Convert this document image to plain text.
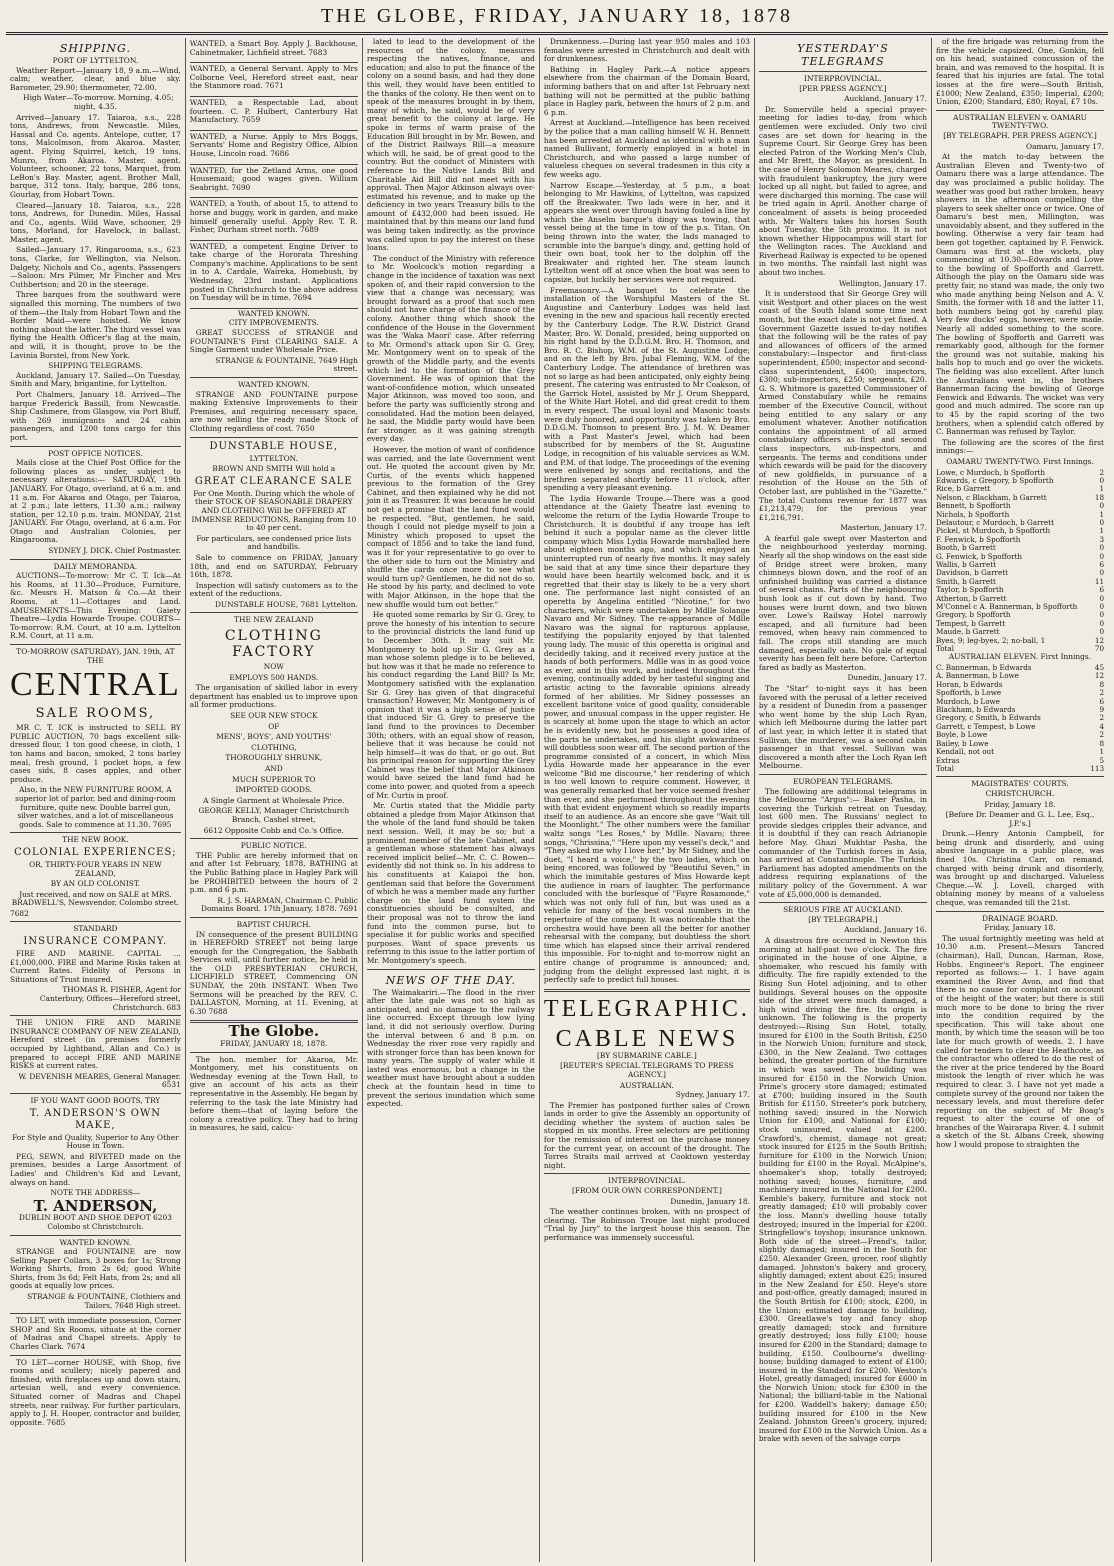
THE GLOBE, FRIDAY, JANUARY 18, 1878
SHIPPING.
PORT OF LYTTELTON.

Weather Report—January 18, 9 a.m.—Wind, calm; weather, clear, and blue sky. Barometer, 29.90; thermometer, 72.00.

High Water—To-morrow. Morning, 4.05; night, 4.35.

Arrived—January 17. Taiaroa, s.s., 228 tons, Andrews, from Newcastle. Miles, Hassal and Co. agents. Antelope, cutter, 17 tons, Malcolmson, from Akaroa. Master, agent. Flying Squirrel, ketch, 19 tons, Munro, from Akaroa. Master, agent. Volunteer, schooner, 22 tons, Marquet, from LeBon's Bay. Master, agent. Brother Mall, barque, 312 tons. Italy, barque, 286 tons, Gourlay, from Hobart Town.

Cleared—January 18. Taiaroa, s.s., 228 tons, Andrews, for Dunedin. Miles, Hassal and Co., agents. Wild Wave, schooner, 29 tons, Morland, for Havelock, in ballast. Master, agent.

Sailed—January 17. Ringarooma, s.s., 623 tons, Clarke, for Wellington, via Nelson. Dalgety, Nichols and Co., agents. Passengers—Saloon: Mrs Pilmer, Mr Fincher and Mrs Cuthbertson; and 20 in the steerage.

Three barques from the southward were signalled this morning. The numbers of two of them—the Italy from Hobart Town and the Border Maid—were hoisted. We know nothing about the latter. The third vessel was flying the Health Officer's flag at the main, and will, it is thought, prove to be the Lavinia Borstel, from New York.

SHIPPING TELEGRAMS.

Auckland, January 17. Sailed—On Tuesday, Smith and Mary, brigantine, for Lyttelton.

Port Chalmers, January 18. Arrived—The barque Frederick Bassill, from Newcastle. Ship Cashmere, from Glasgow, via Port Bluff, with 269 immigrants and 24 cabin passengers, and 1200 tons cargo for this port.

POST OFFICE NOTICES.

Mails close at the Chief Post Office for the following places as under, subject to necessary alterations:— SATURDAY, 19th JANUARY. For Otago, overland, at 6 a.m. and 11 a.m. For Akaroa and Otago, per Taiaroa, at 2 p.m.; late letters, 11.30 a.m.; railway station, per 12.10 p.m. train. MONDAY, 21st JANUARY. For Otago, overland, at 6 a.m. For Otago and Australian Colonies, per Ringarooma.

SYDNEY J. DICK. Chief Postmaster.

DAILY MEMORANDA.

AUCTIONS—To-morrow: Mr C. T. Ick—At his Rooms, at 11.30—Produce, Furniture, &c. Messrs H. Matson & Co.—At their Rooms, at 11—Cottages and Land. AMUSEMENTS—This Evening: Gaiety Theatre—Lydia Howarde Troupe. COURTS—To-morrow: R.M. Court, at 10 a.m. Lyttelton R.M. Court, at 11 a.m.

TO-MORROW (SATURDAY), JAN. 19th, AT THE

CENTRAL
SALE ROOMS,

MR C. T. ICK is instructed to SELL BY PUBLIC AUCTION, 70 bags excellent silk-dressed flour, 1 ton good cheese, in cloth, 1 ton hams and bacon, smoked, 2 tons barley meal, fresh ground, 1 pocket hops, a few cases sids, 8 cases apples, and other produce.

Also, in the NEW FURNITURE ROOM, A superior lot of parlor, bed and dining-room furniture, quite new. Double barrel gun, silver watches, and a lot of miscellaneous goods. Sale to commence at 11.30. 7695

THE NEW BOOK.
COLONIAL EXPERIENCES;

OR, THIRTY-FOUR YEARS IN NEW ZEALAND,

BY AN OLD COLONIST.

Just received, and now on SALE at MRS. BRADWELL'S, Newsvendor, Colombo street.

7682

STANDARD
INSURANCE COMPANY.

FIRE AND MARINE. CAPITAL ... £1,000,000. FIRE and Marine Risks taken at Current Rates. Fidelity of Persons in Situations of Trust insured.

THOMAS R. FISHER, Agent for Canterbury, Offices—Hereford street, Christchurch. 683

THE UNION FIRE AND MARINE INSURANCE COMPANY OF NEW ZEALAND, Hereford street (in premises formerly occupied by Lightband, Allan and Co.) is prepared to accept FIRE AND MARINE RISKS at current rates.

W. DEVENISH MEARES, General Manager. 6531

IF YOU WANT GOOD BOOTS, TRY

T. ANDERSON'S OWN MAKE,

For Style and Quality, Superior to Any Other House in Town.

PEG, SEWN, and RIVETED made on the premises, besides a Large Assortment of Ladies' and Children's Kid and Levant, always on hand.

NOTE THE ADDRESS—

T. ANDERSON,

DUBLIN BOOT AND SHOE DEPOT 6203 Colombo st Christchurch.

WANTED KNOWN.

STRANGE and FOUNTAINE are now Selling Paper Collars, 3 boxes for 1s; Strong Working Shirts, from 2s 6d; good White Shirts, from 3s 6d; Felt Hats, from 2s; and all goods at equally low prices.

STRANGE & FOUNTAINE, Clothiers and Tailors, 7648 High street.

TO LET, with immediate possession, Corner SHOP and Six Rooms, situate at the corner of Madras and Chapel streets. Apply to Charles Clark. 7674

TO LET—corner HOUSE, with Shop, five rooms and scullery; nicely papered and finished, with fireplaces up and down stairs, artesian well, and every convenience. Situated corner of Madras and Chapel streets, near railway. For further particulars, apply to J. H. Hooper, contractor and builder, opposite. 7685

WANTED, a Smart Boy. Apply J. Backhouse, Cabinetmaker, Lichfield street. 7683

WANTED, a General Servant. Apply to Mrs Colborne Veel, Hereford street east, near the Stanmore road. 7671

WANTED, a Respectable Lad, about fourteen. C. P. Hulbert, Canterbury Hat Manufactory. 7659

WANTED, a Nurse. Apply to Mrs Boggs, Servants' Home and Registry Office, Albion House, Lincoln road. 7686

WANTED, for the Zetland Arms, one good Housemaid; good wages given. William Seabright. 7690

WANTED, a Youth, of about 15, to attend to horse and buggy, work in garden, and make himself generally useful. Apply Rev. T. R. Fisher, Durham street north. 7689

WANTED, a competent Engine Driver to take charge of the Hororata Threshing Company's machine. Applications to be sent in to A. Cardale, Waireka, Homebush, by Wednesday, 23rd instant. Applications posted in Christchurch to the above address on Tuesday will be in time. 7694

WANTED KNOWN.
CITY IMPROVEMENTS.

GREAT SUCCESS of STRANGE and FOUNTAINE'S First CLEARING SALE. A Single Garment under Wholesale Price.

STRANGE & FOUNTAINE, 7649 High street.

WANTED KNOWN.

STRANGE AND FOUNTAINE purpose making Extensive Improvements to their Premises, and requiring necessary space, are now selling the ready made Stock of Clothing regardless of cost. 7650

DUNSTABLE HOUSE,

LYTTELTON.

BROWN AND SMITH Will hold a

GREAT CLEARANCE SALE

For One Month. During which the whole of their STOCK OF SEASONABLE DRAPERY AND CLOTHING Will be OFFERED AT IMMENSE REDUCTIONS, Ranging from 10 to 40 per cent.

For particulars, see condensed price lists and handbills.

Sale to commence on FRIDAY, January 18th, and end on SATURDAY, February 16th, 1878.

Inspection will satisfy customers as to the extent of the reductions.

DUNSTABLE HOUSE, 7681 Lyttelton.

THE NEW ZEALAND

CLOTHING FACTORY

NOW

EMPLOYS 500 HANDS.

The organisation of skilled labor in every department has enabled us to improve upon all former productions.

SEE OUR NEW STOCK

OF

MENS', BOYS', AND YOUTHS'

CLOTHING,

THOROUGHLY SHRUNK,

AND

MUCH SUPERIOR TO

IMPORTED GOODS.

A Single Garment at Wholesale Price.

GEORGE KELLY, Manager Christchurch Branch, Cashel street,

6612 Opposite Cobb and Co.'s Office.

PUBLIC NOTICE.

THE Public are hereby informed that on and after 1st February, 1878, BATHING at the Public Bathing place in Hagley Park will be PROHIBITED between the hours of 2 p.m. and 6 p.m.

R. J. S. HARMAN, Chairman C. Public Domains Board. 17th January, 1878. 7691

BAPTIST CHURCH.

IN consequence of the present BUILDING in HEREFORD STREET not being large enough for the Congregation, the Sabbath Services will, until further notice, be held in the OLD PRESBYTERIAN CHURCH, LICHFIELD STREET, Commencing ON SUNDAY, the 20th INSTANT. When Two Sermons will be preached by the REV. C. DALLASTON, Morning, at 11. Evening, at 6.30 7688

The Globe.

FRIDAY, JANUARY 18, 1878.

The hon. member for Akaroa, Mr. Montgomery, met his constituents on Wednesday evening at the Town Hall, to give an account of his acts as their representative in the Assembly. He began by referring to the task the late Ministry had before them—that of laying before the colony a creative policy. They had to bring in measures, he said, calcu-

lated to lead to the development of the resources of the colony, measures respecting the natives, finance, and education; and also to put the finance of the colony on a sound basis, and had they done this well, they would have been entitled to the thanks of the colony. He then went on to speak of the measures brought in by them, many of which, he said, would be of very great benefit to the colony at large. He spoke in terms of warm praise of the Education Bill brought in by Mr. Bowen, and of the District Railways Bill—a measure which will, he said, be of great good to the country. But the conduct of Ministers with reference to the Native Lands Bill and Charitable Aid Bill did not meet with his approval. Then Major Atkinson always over-estimated his revenue, and to make up the deficiency in two years Treasury bills to the amount of £432,000 had been issued. He maintained that by this means our land fund was being taken indirectly, as the province was called upon to pay the interest on these loans.

The conduct of the Ministry with reference to Mr. Woolcock's motion regarding a change in the incidence of taxation was next spoken of, and their rapid conversion to the view that a change was necessary, was brought forward as a proof that such men should not have charge of the finance of the colony. Another thing which shook the confidence of the House in the Government was the 'Waka Maori' case. After referring to Mr. Ormond's attack upon Sir G. Grey, Mr. Montgomery went on to speak of the growth of the Middle party, and the events which led to the formation of the Grey Government. He was of opinion that the want-of-confidence motion, which unseated Major Atkinson, was moved too soon, and before the party was sufficiently strong and consolidated. Had the motion been delayed, he said, the Middle party would have been far stronger, as it was gaining strength every day.

However, the motion of want of confidence was carried, and the late Government went out. He quoted the account given by Mr. Curtis, of the events which happened previous to the formation of the Grey Cabinet, and then explained why he did not join it as Treasurer. It was because he could not get a promise that the land fund would be respected. "But, gentlemen, he said, though I could not pledge myself to join a Ministry which proposed to upset the compact of 1856 and to take the land fund, was it for your representative to go over to the other side to turn out the Ministry and shuffle the cards once more to see what would turn up? Gentlemen, he did not do so. He stood by his party, and declined to vote with Major Atkinson, in the hope that the new shuffle would turn out better."

He quoted some remarks by Sir G. Grey, to prove the honesty of his intention to secure to the provincial districts the land fund up to December 30th. It may suit Mr. Montgomery to hold up Sir G. Grey as a man whose solemn pledge is to be believed, but how was it that he made no reference to his conduct regarding the Land Bill? Is Mr. Montgomery satisfied with the explanation Sir G. Grey has given of that disgraceful transaction? However, Mr. Montgomery is of opinion that it was a high sense of justice that induced Sir G. Grey to preserve the land fund to the provinces to December 30th; others, with an equal show of reason, believe that it was because he could not help himself—it was do that, or go out. But his principal reason for supporting the Grey Cabinet was the belief that Major Atkinson would have seized the land fund had he come into power, and quoted from a speech of Mr. Curtis in proof.

Mr. Curtis stated that the Middle party obtained a pledge from Major Atkinson that the whole of the land fund should be taken next session. Well, it may be so; but a prominent member of the late Cabinet, and a gentleman whose statement has always received implicit belief—Mr. C. C. Bowen—evidently did not think so. In his address to his constituents at Kaiapoi the hon. gentleman said that before the Government of which he was a member made any further charge on the land fund system the constituencies should be consulted, and their proposal was not to throw the land fund into the common purse, but to specialise it for public works and specified purposes. Want of space prevents us referring in this issue to the latter portion of Mr. Montgomery's speech.

NEWS OF THE DAY.

The Waimakariri.—The flood in the river after the late gale was not so high as anticipated, and no damage to the railway line occurred. Except through low lying land, it did not seriously overflow. During the interval between 6 and 8 p.m. on Wednesday the river rose very rapidly and with stronger force than has been known for many years. The supply of water while it lasted was enormous, but a change in the weather must have brought about a sudden check at the fountain head in time to prevent the serious inundation which some expected.

Drunkenness.—During last year 950 males and 103 females were arrested in Christchurch and dealt with for drunkenness.

Bathing in Hagley Park.—A notice appears elsewhere from the chairman of the Domain Board, informing bathers that on and after 1st February next bathing will not be permitted at the public bathing place in Hagley park, between the hours of 2 p.m. and 6 p.m.

Arrest at Auckland.—Intelligence has been received by the police that a man calling himself W. H. Bennett has been arrested at Auckland as identical with a man named Bullivant, formerly employed in a hotel in Christchurch, and who passed a large number of valueless cheques on several tradesmen in this city a few weeks ago.

Narrow Escape.—Yesterday, at 5 p.m., a boat belonging to Mr Hawkins, of Lyttelton, was capsized off the Breakwater. Two lads were in her, and it appears she went over through having fouled a line by which the Anselm barque's dingy was towing, that vessel being at the time in tow of the p.s. Titan. On being thrown into the water, the lads managed to scramble into the barque's dingy, and, getting hold of their own boat, took her to the dolphin off the Breakwater and righted her. The steam launch Lyttelton went off at once when the boat was seen to capsize, but luckily her services were not required.

Freemasonry.—A banquet to celebrate the installation of the Worshipful Masters of the St. Augustine and Canterbury Lodges was held last evening in the new and spacious hall recently erected by the Canterbury Lodge. The R.W. District Grand Master, Bro. W. Donald, presided, being supported on his right hand by the D.D.G.M. Bro. H. Thomson, and Bro. R. C. Bishop, W.M. of the St. Augustine Lodge; and on the left by Bro. Jubal Fleming, W.M. of the Canterbury Lodge. The attendance of brethren was not so large as had been anticipated, only eighty being present. The catering was entrusted to Mr Coakson, of the Garrick Hotel, assisted by Mr J. Orum Sheppard, of the White Hart Hotel, and did great credit to them in every respect. The usual loyal and Masonic toasts were duly honored, and opportunity was taken by Bro. D.D.G.M. Thomson to present Bro. J. M. W. Deamer with a Past Master's Jewel, which had been subscribed for by members of the St. Augustine Lodge, in recognition of his valuable services as W.M. and P.M. of that lodge. The proceedings of the evening were enlivened by songs and recitations, and the brethren separated shortly before 11 o'clock, after spending a very pleasant evening.

The Lydia Howarde Troupe.—There was a good attendance at the Gaiety Theatre last evening to welcome the return of the Lydia Howarde Troupe to Christchurch. It is doubtful if any troupe has left behind it such a popular name as the clever little company which Miss Lydia Howarde marshalled here about eighteen months ago, and which enjoyed an uninterrupted run of nearly five months. It may safely be said that at any time since their departure they would have been heartily welcomed back, and it is regretted that their stay is likely to be a very short one. The performance last night consisted of an operetta by Angelina entitled "Nicotine," for two characters, which were undertaken by Mdlle Solange Navaro and Mr Sidney. The re-appearance of Mdlle Navaro was the signal for rapturous applause, testifying the popularity enjoyed by that talented young lady. The music of this operetta is original and decidedly taking, and it received every justice at the hands of both performers. Mdlle was in as good voice as ever, and in this work, and indeed throughout the evening, continually added by her tasteful singing and artistic acting to the favorable opinions already formed of her abilities. Mr Sidney possesses an excellent baritone voice of good quality, considerable power, and unusual compass in the upper register. He is scarcely at home upon the stage to which an actor he is evidently new, but he possesses a good idea of the parts he undertakes, and his slight awkwardness will doubtless soon wear off. The second portion of the programme consisted of a concert, in which Miss Lydia Howarde made her appearance in the ever welcome "Bid me discourse," her rendering of which is too well known to require comment. However, it was generally remarked that her voice seemed fresher than ever, and she performed throughout the evening with that evident enjoyment which so readily imparts itself to an audience. As an encore she gave "Wait till the Moonlight." The other numbers were the familiar waltz songs "Les Roses," by Mdlle. Navaro; three songs, "Chrissina," "Here upon my vessel's deck," and "They asked me why I love her," by Mr Sidney, and the duet, "I heard a voice," by the two ladies, which on being encored, was followed by "Beautiful Seven," in which the inimitable gestures of Miss Howarde kept the audience in roars of laughter. The performance concluded with the burlesque of "Fayre Rosamonde," which was not only full of fun, but was used as a vehicle for many of the best vocal numbers in the repertoire of the company. It was noticeable that the orchestra would have been all the better for another rehearsal with the company, but doubtless the short time which has elapsed since their arrival rendered this impossible. For to-night and to-morrow night an entire change of programme is announced; and, judging from the delight expressed last night, it is perfectly safe to predict full houses.

TELEGRAPHIC.
CABLE NEWS

[BY SUBMARINE CABLE.]

[REUTER'S SPECIAL TELEGRAMS TO PRESS AGENCY.]

AUSTRALIAN.

Sydney, January 17.

The Premier has postponed further sales of Crown lands in order to give the Assembly an opportunity of deciding whether the system of auction sales be stopped in six months. Free selectors are petitioning for the remission of interest on the purchase money for the current year, on account of the drought. The Torres Straits mail arrived at Cooktown yesterday night.

INTERPROVINCIAL.

[FROM OUR OWN CORRESPONDENT.]

Dunedin, January 18.

The weather continues broken, with no prospect of clearing. The Robinson Troupe last night produced "Trial by Jury" to the largest house this season. The performance was immensely successful.

YESTERDAY'S TELEGRAMS
INTERPROVINCIAL.

[PER PRESS AGENCY.]

Auckland, January 17.

Dr. Somerville held a special prayer-meeting for ladies to-day, from which gentlemen were excluded. Only two civil cases are set down for hearing in the Supreme Court. Sir George Grey has been elected Patron of the Working Men's Club, and Mr Brett, the Mayor, as president. In the case of Henry Solomon Meares, charged with fraudulent bankruptcy, the jury were locked up all night, but failed to agree, and were discharged this morning. The case will be tried again in April. Another charge of concealment of assets is being proceeded with. Mr Walters takes his horses South about Tuesday, the 5th proximo. It is not known whether Hippocampus will start for the Wellington races. The Auckland and Riverhead Railway is expected to be opened in two months. The rainfall last night was about two inches.

Wellington, January 17.

It is understood that Sir George Grey will visit Westport and other places on the west coast of the South Island some time next month, but the exact date is not yet fixed. A Government Gazette issued to-day notifies that the following will be the rates of pay and allowances of officers of the armed constabulary:—Inspector and first-class superintendent, £500; inspector and second-class superintendent, £400; inspectors, £300; sub-inspectors, £250; sergeants, £20. G. S. Whitmore is gazetted Commissioner of Armed Constabulary while he remains member of the Executive Council, without being entitled to any salary or any emolument whatever. Another notification contains the appointment of all armed constabulary officers as first and second class inspectors, sub-inspectors, and sergeants. The terms and conditions under which rewards will be paid for the discovery of new goldfields, in pursuance of a resolution of the House on the 5th of October last, are published in the "Gazette." The total Customs revenue for 1877 was £1,213,479; for the previous year £1,216,791.

Masterton, January 17.

A fearful gale swept over Masterton and the neighbourhood yesterday morning. Nearly all the shop windows on the east side of Bridge street were broken, many chimneys blown down, and the roof of an unfinished building was carried a distance of several chains. Parts of the neighbouring bush look as if cut down by hand. Two houses were burnt down, and two blown over. Lowe's Railway Hotel narrowly escaped, and all furniture had been removed, when heavy rain commenced to fall. The crops still standing are much damaged, especially oats. No gale of equal severity has been felt here before. Carterton fared as badly as Masterton.

Dunedin, January 17.

The "Star" to-night says it has been favored with the perusal of a letter received by a resident of Dunedin from a passenger who went home by the ship Loch Ryan, which left Melbourne during the latter part of last year, in which letter it is stated that Sullivan, the murderer, was a second cabin passenger in that vessel. Sullivan was discovered a month after the Loch Ryan left Melbourne.

EUROPEAN TELEGRAMS.

The following are additional telegrams in the Melbourne "Argus":— Baker Pasha, in covering the Turkish retreat on Tuesday, lost 600 men. The Russians' neglect to provide sledges cripples their advance, and it is doubtful if they can reach Adrianople before May. Ghazi Mukhtar Pasha, the commander of the Turkish forces in Asia, has arrived at Constantinople. The Turkish Parliament has adopted amendments on the address requiring explanations of the military policy of the Government. A war vote of £5,000,000 is demanded.

SERIOUS FIRE AT AUCKLAND.

[BY TELEGRAPH.]

Auckland, January 16.

A disastrous fire occurred in Newton this morning at half-past two o'clock. The fire originated in the house of one Alpine, a shoemaker, who rescued his family with difficulty. The fire rapidly extended to the Rising Sun Hotel adjoining, and to other buildings. Several houses on the opposite side of the street were much damaged, a high wind driving the fire. Its origin is unknown. The following is the property destroyed:—Rising Sun Hotel, totally, insured for £100 in the South British, £250 in the Norwich Union; furniture and stock, £300, in the New Zealand. Two cottages behind, the greater portion of the furniture in which was saved. The building was insured for £150 in the Norwich Union. Prime's grocery store damaged; estimated at £700; building insured in the South British for £1150. Streeter's pork butchery, nothing saved; insured in the Norwich Union for £100, and National for £100; stock uninsured, valued at £200. Crawford's, chemist, damage not great; stock insured for £125 in the South British; furniture for £100 in the Norwich Union; building for £100 in the Royal. McAlpine's, shoemaker's shop, totally destroyed; nothing saved; houses, furniture, and machinery insured in the National for £200. Kemble's bakery, furniture and stock not greatly damaged; £10 will probably cover the loss. Mann's dwelling house totally destroyed; insured in the Imperial for £200. Stringfellow's toyshop; insurance unknown. Both side of the street—Frend's, tailor, slightly damaged; insured in the South for £250. Alexander Green, grocer, roof slightly damaged. Johnston's bakery and grocery, slightly damaged; extent about £25; insured in the New Zealand for £50. Heye's store and post-office, greatly damaged; insured in the South British for £100; stock, £200, in the Union; estimated damage to building, £300. Greatlawe's toy and fancy shop greatly damaged; stock and furniture greatly destroyed; loss fully £100; house insured for £200 in the Standard; damage to building, £150. Coulbourne's dwelling-house; building damaged to extent of £100; insured in the Standard for £200. Weston's Hotel, greatly damaged; insured for £600 in the Norwich Union; stock for £300 in the National; the billiard-table in the National for £200. Waddell's bakery; damage £50; building insured for £100 in the New Zealand. Johnston Green's grocery, injured; insured for £100 in the Norwich Union. As a brake with seven of the salvage corps

of the fire brigade was returning from the fire the vehicle capsized. One, Gonkin, fell on his head, sustained concussion of the brain, and was removed to the hospital. It is feared that his injuries are fatal. The total losses at the fire were—South British, £1000; New Zealand, £350; Imperial, £200; Union, £200; Standard, £80; Royal, £7 10s.

AUSTRALIAN ELEVEN v. OAMARU TWENTY-TWO.

[BY TELEGRAPH. PER PRESS AGENCY.]

Oamaru, January 17.

At the match to-day between the Australian Eleven and Twenty-two of Oamaru there was a large attendance. The day was proclaimed a public holiday. The weather was good but rather broken, heavy showers in the afternoon compelling the players to seek shelter once or twice. One of Oamaru's best men, Millington, was unavoidably absent, and they suffered in the bowling. Otherwise a very fair team had been got together, captained by F. Fenwick. Oamaru was first at the wickets, play commencing at 10.30—Edwards and Lowe to the bowling of Spofforth and Garrett. Although the play on the Oamaru side was pretty fair, no stand was made, the only two who made anything being Nelson and A. V. Smith, the former with 18 and the latter 11, both numbers being got by careful play. Very few ducks' eggs, however, were made. Nearly all added something to the score. The bowling of Spofforth and Garrett was remarkably good, although for the former the ground was not suitable, making his balls hop to much and go over the wickets. The fielding was also excellent. After lunch the Australians went in, the brothers Bannerman facing the bowling of George Fenwick and Edwards. The wicket was very good and much admired. The score ran up to 45 by the rapid scoring of the two brothers, when a splendid catch offered by C. Bannerman was refused by Taylor.

The following are the scores of the first innings:—

OAMARU TWENTY-TWO. First Innings.

Lowe, c Murdoch, b Spofforth	2
Edwards, c Gregory, b Spofforth	0
Rice, b Garrett	1
Nelson, c Blackham, b Garrett	18
Bennett, b Spofforth	0
Nichols, b Spofforth	1
Delautour, c Murdoch, b Garrett	0
Pickel, st Murdoch, b Spofforth	1
F. Fenwick, b Spofforth	3
Booth, b Garrett	0
G. Fenwick, b Spofforth	0
Wallis, b Garrett	6
Davidson, b Garrett	0
Smith, b Garrett	11
Taylor, b Spofforth	6
Atherton, b Garrett	0
M'Connel c A. Bannerman, b Spofforth	0
Gregory, b Spofforth	0
Tempest, b Garrett	0
Maude, b Garrett	0
Byes, 9; leg-byes, 2; no-ball, 1	12
Total	70

AUSTRALIAN ELEVEN. First Innings.

C. Bannerman, b Edwards	45
A. Bannerman, b Lowe	12
Horan, b Edwards	8
Spofforth, b Lowe	2
Murdoch, b Lowe	6
Blackham, b Edwards	9
Gregory, c Smith, b Edwards	2
Garrett, c Tempest, b Lowe	4
Boyle, b Lowe	2
Bailey, b Lowe	8
Kendall, not out	1
Extras	5
Total	113
MAGISTRATES' COURTS.

CHRISTCHURCH.

Friday, January 18.

[Before Dr. Deamer and G. L. Lee, Esq., J.P.'s.]

Drunk.—Henry Antonis Campbell, for being drunk and disorderly, and using abusive language in a public place, was fined 10s. Christina Carr, on remand, charged with being drunk and disorderly, was brought up and discharged. Valueless Cheque.—W. J. Lovell, charged with obtaining money by means of a valueless cheque, was remanded till the 21st.

DRAINAGE BOARD.

Friday, January 18.

The usual fortnightly meeting was held at 10.30 a.m. Present—Messrs Tancred (chairman), Hall, Duncan, Harman, Rose, Hobbs. Engineer's Report. The engineer reported as follows:— 1. I have again examined the River Avon, and find that there is no cause for complaint on account of the height of the water; but there is still much more to be done to bring the river into the condition required by the specification. This will take about one month, by which time the season will be too late for much growth of weeds. 2. I have called for tenders to clear the Heathcote, as the contractor who offered to do the rest of the river at the price tendered by the Board mistook the length of river which he was required to clear. 3. I have not yet made a complete survey of the ground nor taken the necessary levels, and must therefore defer reporting on the subject of Mr Boag's request to alter the course of one of branches of the Wairarapa River. 4. I submit a sketch of the St. Albans Creek, showing how I would propose to straighten the
